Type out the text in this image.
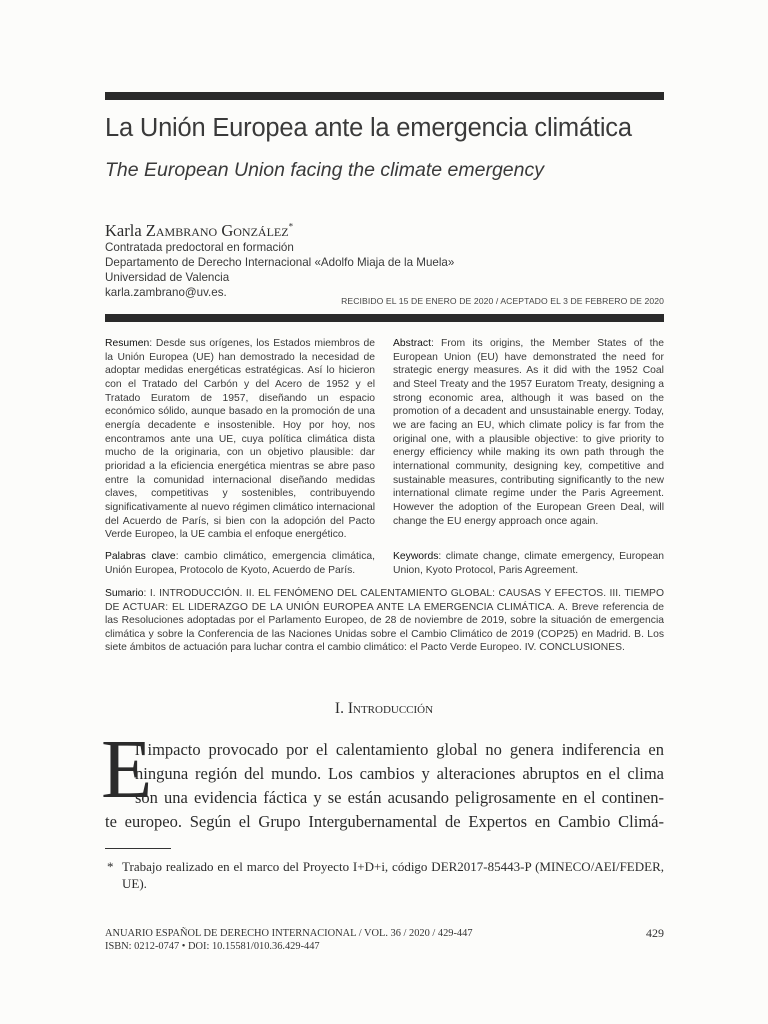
La Unión Europea ante la emergencia climática
The European Union facing the climate emergency
Karla Zambrano González*
Contratada predoctoral en formación
Departamento de Derecho Internacional «Adolfo Miaja de la Muela»
Universidad de Valencia
karla.zambrano@uv.es.
RECIBIDO EL 15 DE ENERO DE 2020 / ACEPTADO EL 3 DE FEBRERO DE 2020
Resumen: Desde sus orígenes, los Estados miembros de la Unión Europea (UE) han demostrado la necesidad de adoptar medidas energéticas estratégicas. Así lo hicieron con el Tratado del Carbón y del Acero de 1952 y el Tratado Euratom de 1957, diseñando un espacio económico sólido, aunque basado en la promoción de una energía decadente e insostenible. Hoy por hoy, nos encontramos ante una UE, cuya política climática dista mucho de la originaria, con un objetivo plausible: dar prioridad a la eficiencia energética mientras se abre paso entre la comunidad internacional diseñando medidas claves, competitivas y sostenibles, contribuyendo significativamente al nuevo régimen climático internacional del Acuerdo de París, si bien con la adopción del Pacto Verde Europeo, la UE cambia el enfoque energético.
Abstract: From its origins, the Member States of the European Union (EU) have demonstrated the need for strategic energy measures. As it did with the 1952 Coal and Steel Treaty and the 1957 Euratom Treaty, designing a strong economic area, although it was based on the promotion of a decadent and unsustainable energy. Today, we are facing an EU, which climate policy is far from the original one, with a plausible objective: to give priority to energy efficiency while making its own path through the international community, designing key, competitive and sustainable measures, contributing significantly to the new international climate regime under the Paris Agreement. However the adoption of the European Green Deal, will change the EU energy approach once again.
Palabras clave: cambio climático, emergencia climática, Unión Europea, Protocolo de Kyoto, Acuerdo de París.
Keywords: climate change, climate emergency, European Union, Kyoto Protocol, Paris Agreement.
Sumario: I. INTRODUCCIÓN. II. EL FENÓMENO DEL CALENTAMIENTO GLOBAL: CAUSAS Y EFECTOS. III. TIEMPO DE ACTUAR: EL LIDERAZGO DE LA UNIÓN EUROPEA ANTE LA EMERGENCIA CLIMÁTICA. A. Breve referencia de las Resoluciones adoptadas por el Parlamento Europeo, de 28 de noviembre de 2019, sobre la situación de emergencia climática y sobre la Conferencia de las Naciones Unidas sobre el Cambio Climático de 2019 (COP25) en Madrid. B. Los siete ámbitos de actuación para luchar contra el cambio climático: el Pacto Verde Europeo. IV. CONCLUSIONES.
I. Introducción
E
l impacto provocado por el calentamiento global no genera indiferencia en
ninguna región del mundo. Los cambios y alteraciones abruptos en el clima
son una evidencia fáctica y se están acusando peligrosamente en el continen-
te europeo. Según el Grupo Intergubernamental de Expertos en Cambio Climá-
* Trabajo realizado en el marco del Proyecto I+D+i, código DER2017-85443-P (MINECO/AEI/FEDER, UE).
ANUARIO ESPAÑOL DE DERECHO INTERNACIONAL / VOL. 36 / 2020 / 429-447
ISBN: 0212-0747 • DOI: 10.15581/010.36.429-447
429
